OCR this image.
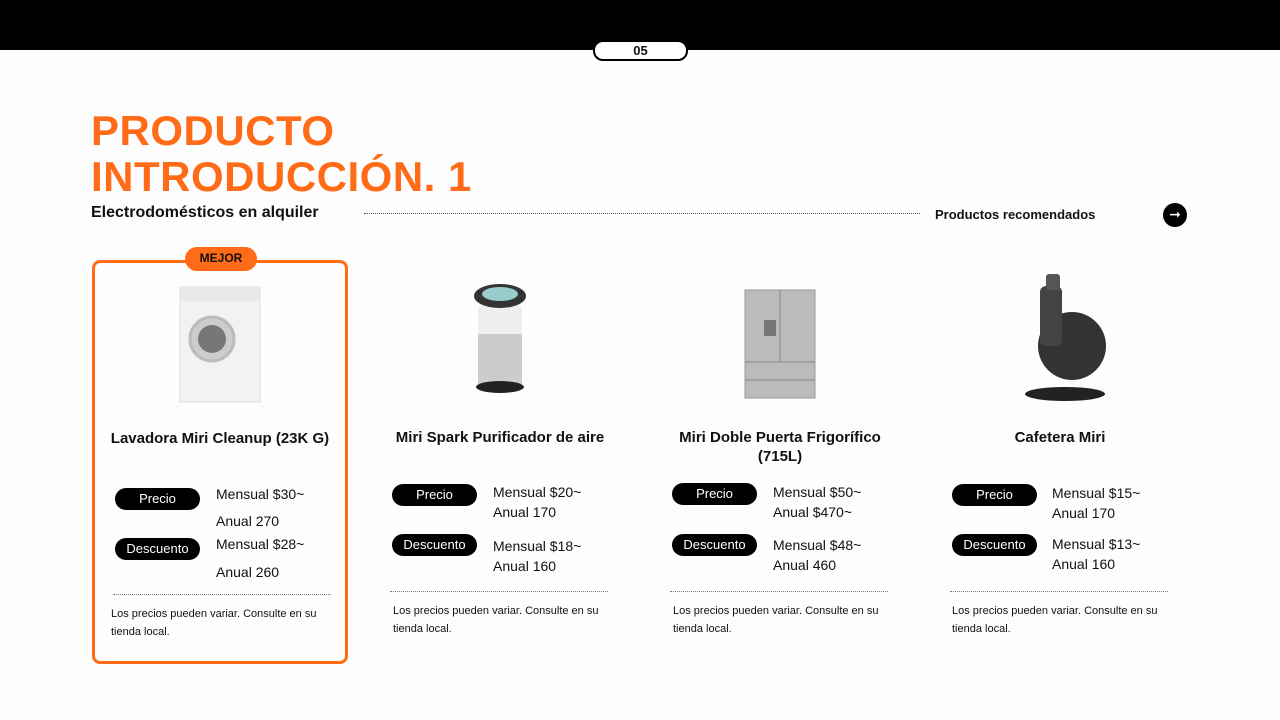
05
PRODUCTO
INTRODUCCIÓN. 1
Electrodomésticos en alquiler	Productos recomendados	➞
Lavadora Miri Cleanup (23K G)
Precio	Mensual $30~
Anual 270
Descuento	Mensual $28~
Anual 260
Los precios pueden variar. Consulte en su tienda local.
MEJOR
Miri Spark Purificador de aire
Precio	Mensual $20~
Anual 170
Descuento	Mensual $18~
Anual 160
Los precios pueden variar. Consulte en su tienda local.
Miri Doble Puerta Frigorífico (715L)
Precio	Mensual $50~
Anual $470~
Descuento	Mensual $48~
Anual 460
Los precios pueden variar. Consulte en su tienda local.
Cafetera Miri
Precio	Mensual $15~
Anual 170
Descuento	Mensual $13~
Anual 160
Los precios pueden variar. Consulte en su tienda local.
